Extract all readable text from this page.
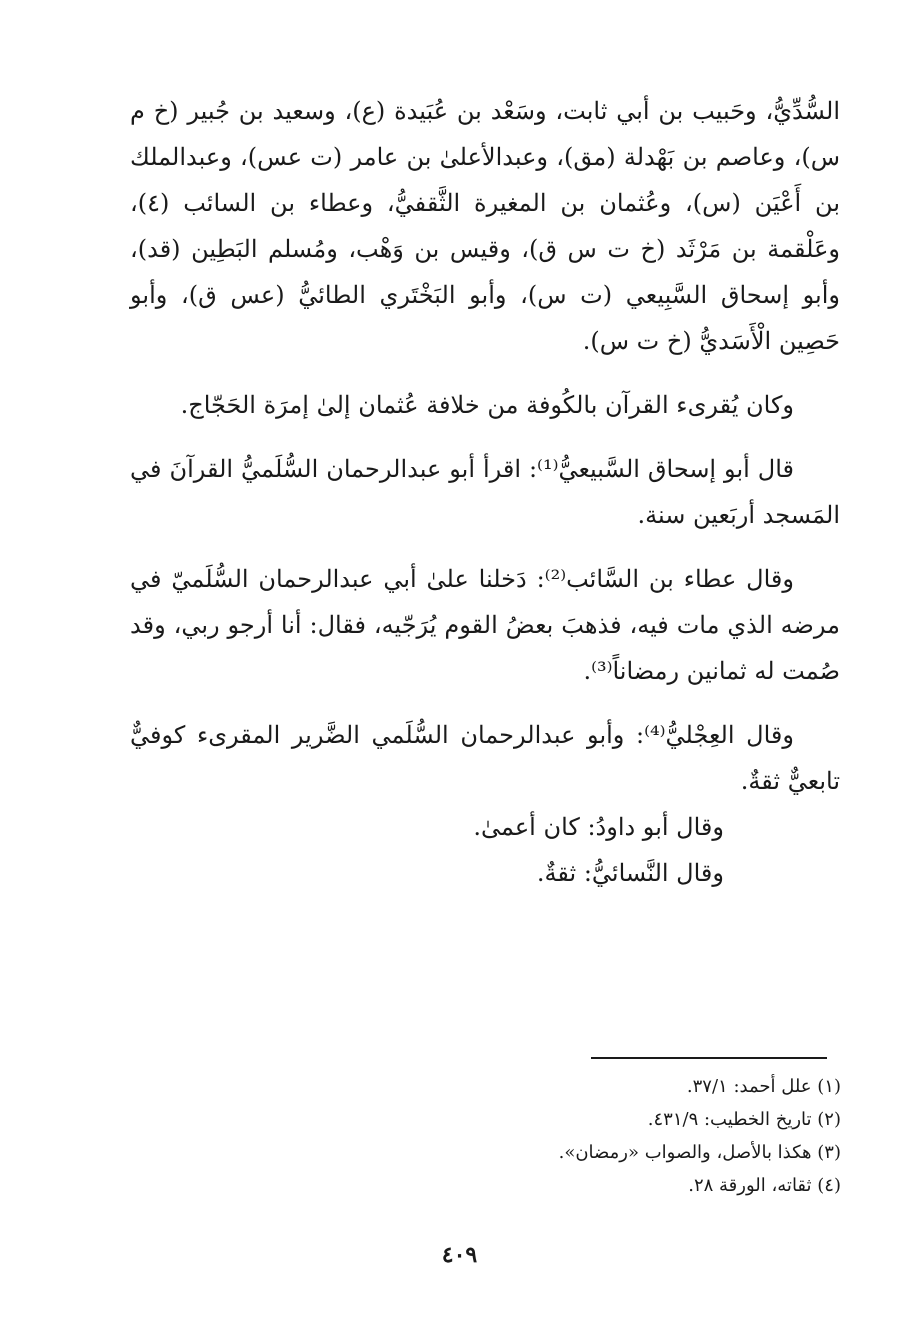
السُّدِّيُّ، وحَبيب بن أبي ثابت، وسَعْد بن عُبَيدة (ع)، وسعيد بن جُبير (خ م س)، وعاصم بن بَهْدلة (مق)، وعبدالأعلىٰ بن عامر (ت عس)، وعبدالملك بن أَعْيَن (س)، وعُثمان بن المغيرة الثَّقفيُّ، وعطاء بن السائب (٤)، وعَلْقمة بن مَرْثَد (خ ت س ق)، وقيس بن وَهْب، ومُسلم البَطِين (قد)، وأبو إسحاق السَّبِيعي (ت س)، وأبو البَخْتَري الطائيُّ (عس ق)، وأبو حَصِين الْأَسَديُّ (خ ت س).

وكان يُقرىء القرآن بالكُوفة من خلافة عُثمان إلىٰ إمرَة الحَجّاج.

قال أبو إسحاق السَّبيعيُّ⁽¹⁾: اقرأ أبو عبدالرحمان السُّلَميُّ القرآنَ في المَسجد أربَعين سنة.

وقال عطاء بن السَّائب⁽²⁾: دَخلنا علىٰ أبي عبدالرحمان السُّلَميّ في مرضه الذي مات فيه، فذهبَ بعضُ القوم يُرَجّيه، فقال: أنا أرجو ربي، وقد صُمت له ثمانين رمضاناً⁽³⁾.

وقال العِجْليُّ⁽⁴⁾: وأبو عبدالرحمان السُّلَمي الضَّرير المقرىء كوفيٌّ تابعيٌّ ثقةٌ.

وقال أبو داودُ: كان أعمىٰ.

وقال النَّسائيُّ: ثقةٌ.

(١) علل أحمد: ٣٧/١.

(٢) تاريخ الخطيب: ٤٣١/٩.

(٣) هكذا بالأصل، والصواب «رمضان».

(٤) ثقاته، الورقة ٢٨.

٤٠٩
